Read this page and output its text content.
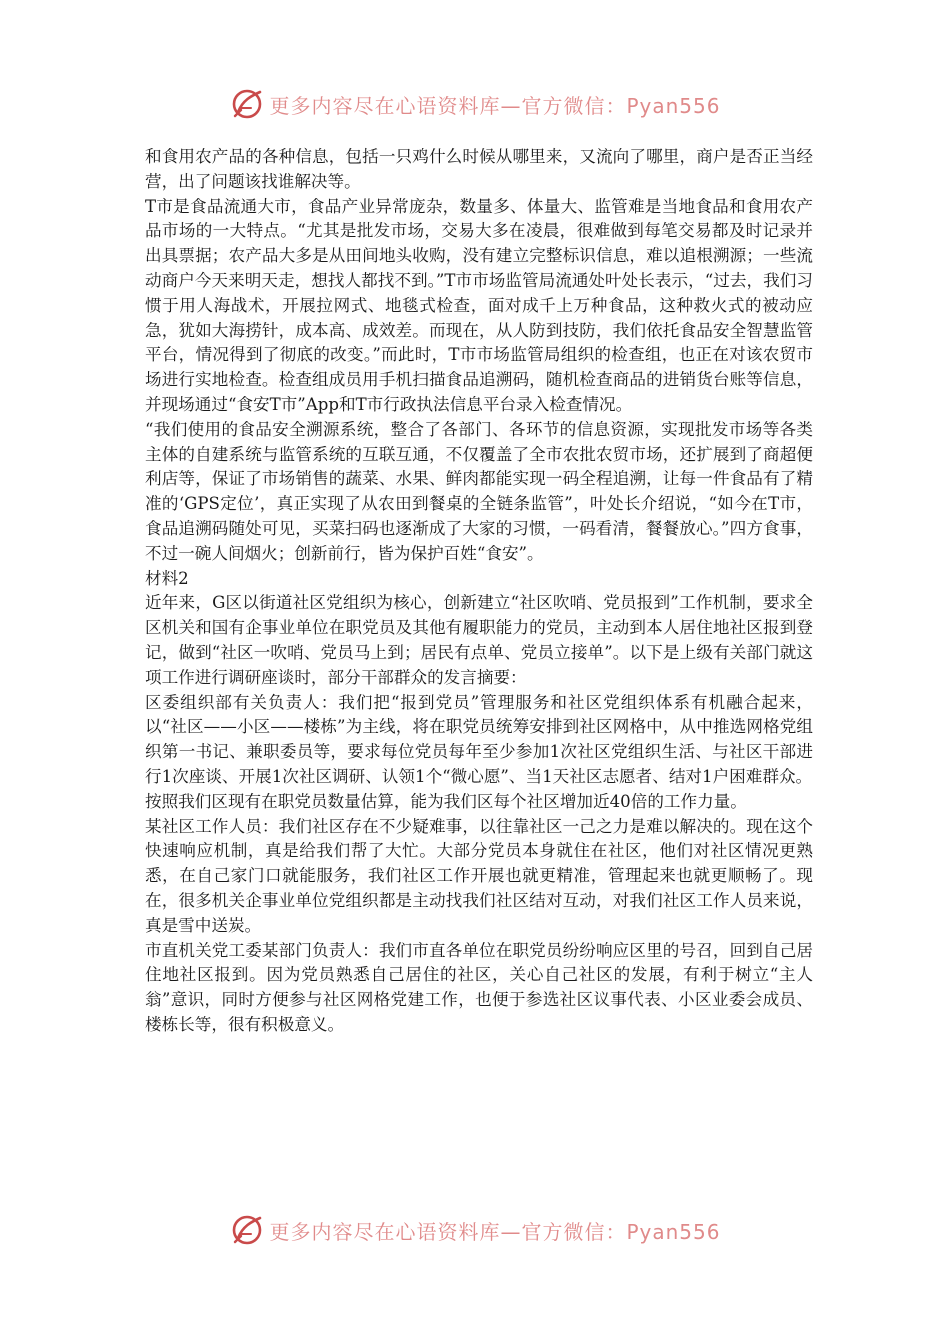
更多内容尽在心语资料库—官方微信：Pyan556

和食用农产品的各种信息，包括一只鸡什么时候从哪里来，又流向了哪里，商户是否正当经营，出了问题该找谁解决等。

T市是食品流通大市，食品产业异常庞杂，数量多、体量大、监管难是当地食品和食用农产品市场的一大特点。“尤其是批发市场，交易大多在凌晨，很难做到每笔交易都及时记录并出具票据；农产品大多是从田间地头收购，没有建立完整标识信息，难以追根溯源；一些流动商户今天来明天走，想找人都找不到。”T市市场监管局流通处叶处长表示，“过去，我们习惯于用人海战术，开展拉网式、地毯式检查，面对成千上万种食品，这种救火式的被动应急，犹如大海捞针，成本高、成效差。而现在，从人防到技防，我们依托食品安全智慧监管平台，情况得到了彻底的改变。”而此时，T市市场监管局组织的检查组，也正在对该农贸市场进行实地检查。检查组成员用手机扫描食品追溯码，随机检查商品的进销货台账等信息，并现场通过“食安T市”App和T市行政执法信息平台录入检查情况。

“我们使用的食品安全溯源系统，整合了各部门、各环节的信息资源，实现批发市场等各类主体的自建系统与监管系统的互联互通，不仅覆盖了全市农批农贸市场，还扩展到了商超便利店等，保证了市场销售的蔬菜、水果、鲜肉都能实现一码全程追溯，让每一件食品有了精准的‘GPS定位’，真正实现了从农田到餐桌的全链条监管”，叶处长介绍说，“如今在T市，食品追溯码随处可见，买菜扫码也逐渐成了大家的习惯，一码看清，餐餐放心。”四方食事，不过一碗人间烟火；创新前行，皆为保护百姓“食安”。

材料2

近年来，G区以街道社区党组织为核心，创新建立“社区吹哨、党员报到”工作机制，要求全区机关和国有企事业单位在职党员及其他有履职能力的党员，主动到本人居住地社区报到登记，做到“社区一吹哨、党员马上到；居民有点单、党员立接单”。以下是上级有关部门就这项工作进行调研座谈时，部分干部群众的发言摘要：

区委组织部有关负责人：我们把“报到党员”管理服务和社区党组织体系有机融合起来，以“社区——小区——楼栋”为主线，将在职党员统筹安排到社区网格中，从中推选网格党组织第一书记、兼职委员等，要求每位党员每年至少参加1次社区党组织生活、与社区干部进行1次座谈、开展1次社区调研、认领1个“微心愿”、当1天社区志愿者、结对1户困难群众。

按照我们区现有在职党员数量估算，能为我们区每个社区增加近40倍的工作力量。

某社区工作人员：我们社区存在不少疑难事，以往靠社区一己之力是难以解决的。现在这个快速响应机制，真是给我们帮了大忙。大部分党员本身就住在社区，他们对社区情况更熟悉，在自己家门口就能服务，我们社区工作开展也就更精准，管理起来也就更顺畅了。现在，很多机关企事业单位党组织都是主动找我们社区结对互动，对我们社区工作人员来说，真是雪中送炭。

市直机关党工委某部门负责人：我们市直各单位在职党员纷纷响应区里的号召，回到自己居住地社区报到。因为党员熟悉自己居住的社区，关心自己社区的发展，有利于树立“主人翁”意识，同时方便参与社区网格党建工作，也便于参选社区议事代表、小区业委会成员、楼栋长等，很有积极意义。

更多内容尽在心语资料库—官方微信：Pyan556
